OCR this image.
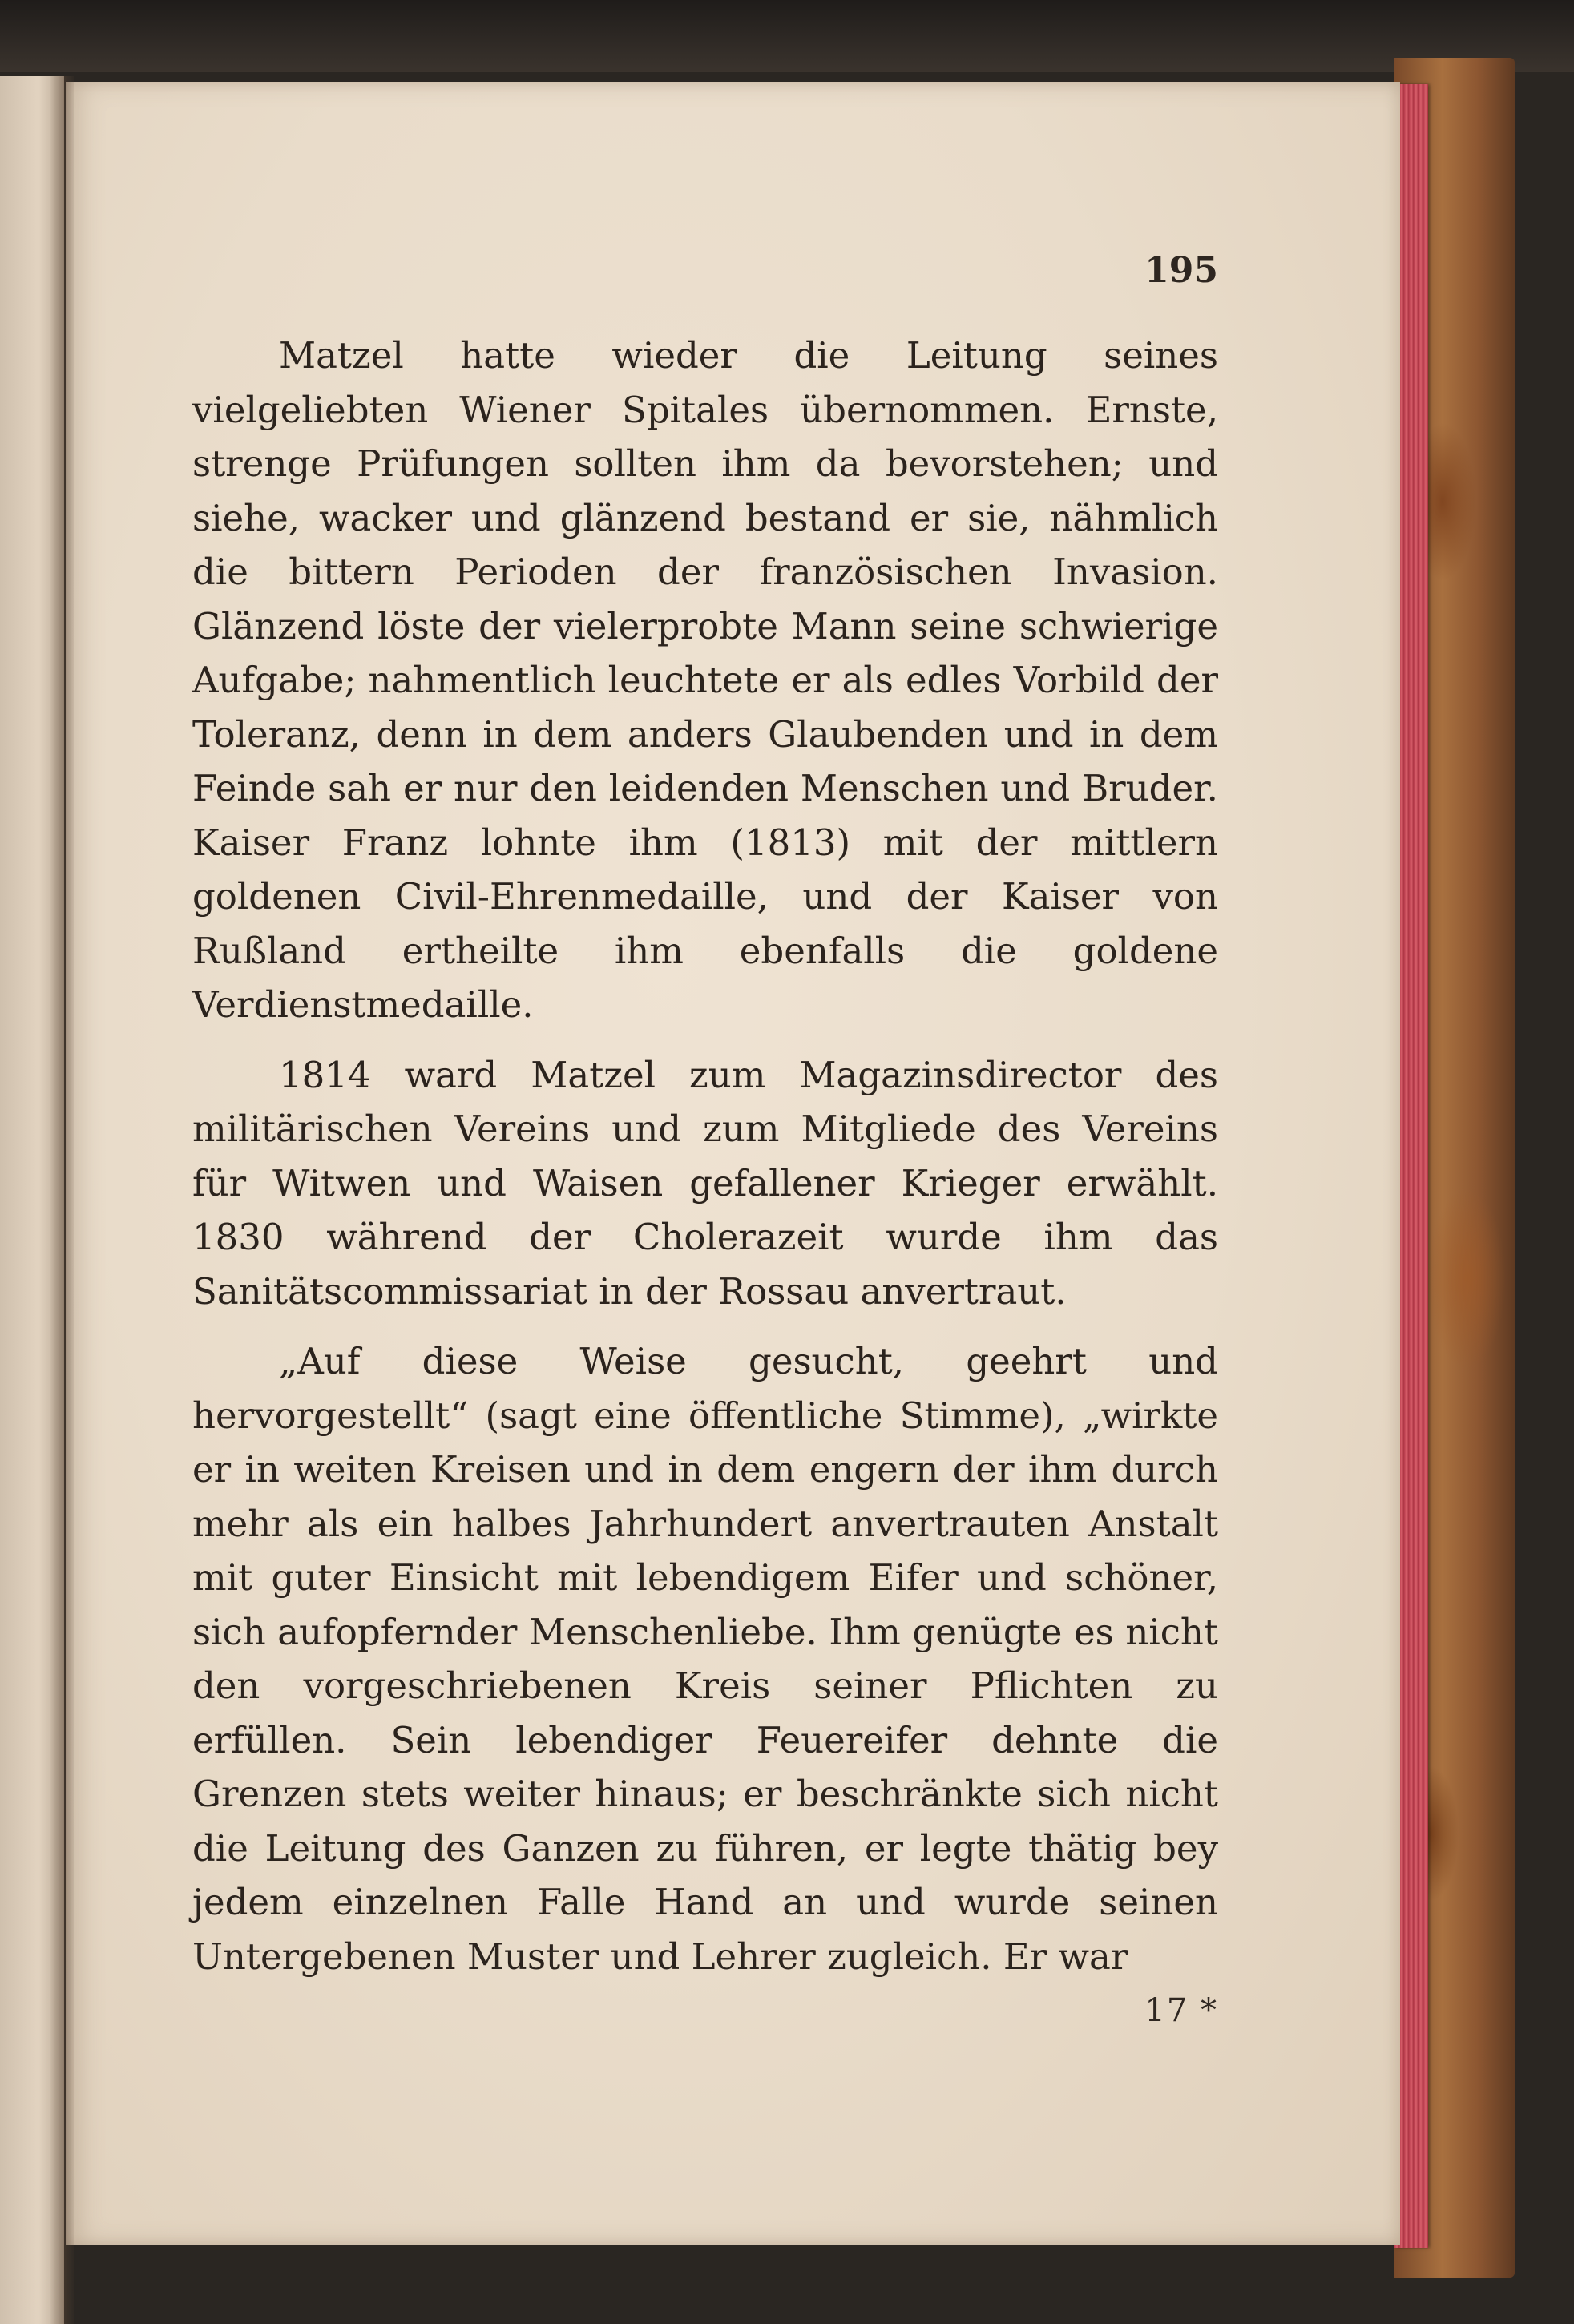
195

Matzel hatte wieder die Leitung seines vielgeliebten Wiener Spitales übernommen. Ernste, strenge Prüfungen sollten ihm da bevorstehen; und siehe, wacker und glänzend bestand er sie, nähmlich die bittern Perioden der französischen Invasion. Glänzend löste der vielerprobte Mann seine schwierige Aufgabe; nahmentlich leuchtete er als edles Vorbild der Toleranz, denn in dem anders Glaubenden und in dem Feinde sah er nur den leidenden Menschen und Bruder. Kaiser Franz lohnte ihm (1813) mit der mittlern goldenen Civil-Ehrenmedaille, und der Kaiser von Rußland ertheilte ihm ebenfalls die goldene Verdienstmedaille.

1814 ward Matzel zum Magazinsdirector des militärischen Vereins und zum Mitgliede des Vereins für Witwen und Waisen gefallener Krieger erwählt. 1830 während der Cholerazeit wurde ihm das Sanitätscommissariat in der Rossau anvertraut.

„Auf diese Weise gesucht, geehrt und hervorgestellt“ (sagt eine öffentliche Stimme), „wirkte er in weiten Kreisen und in dem engern der ihm durch mehr als ein halbes Jahrhundert anvertrauten Anstalt mit guter Einsicht mit lebendigem Eifer und schöner, sich aufopfernder Menschenliebe. Ihm genügte es nicht den vorgeschriebenen Kreis seiner Pflichten zu erfüllen. Sein lebendiger Feuereifer dehnte die Grenzen stets weiter hinaus; er beschränkte sich nicht die Leitung des Ganzen zu führen, er legte thätig bey jedem einzelnen Falle Hand an und wurde seinen Untergebenen Muster und Lehrer zugleich. Er war

17 *
